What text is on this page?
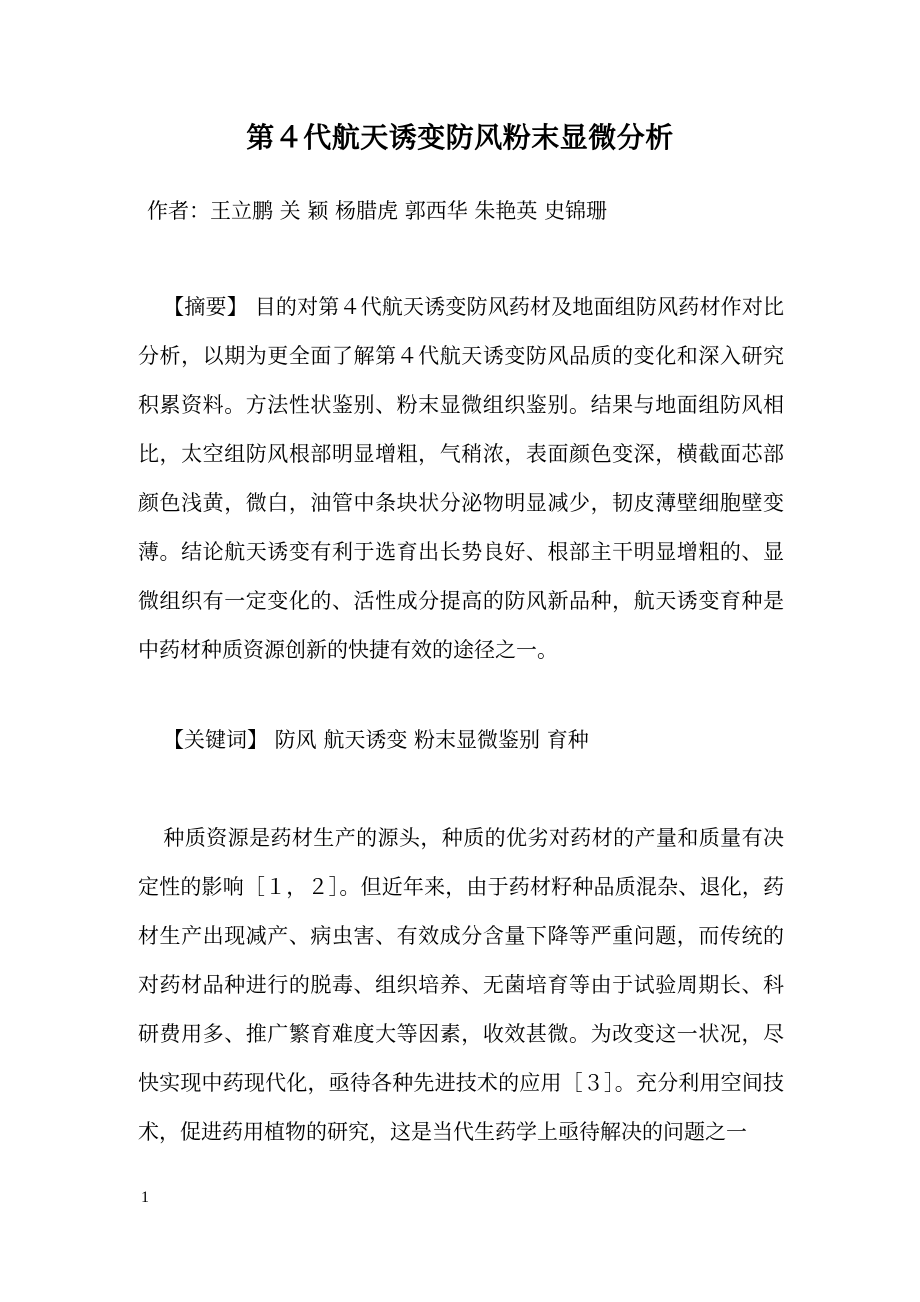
第４代航天诱变防风粉末显微分析
作者：王立鹏 关 颖 杨腊虎 郭西华 朱艳英 史锦珊

【摘要】 目的对第４代航天诱变防风药材及地面组防风药材作对比分析，以期为更全面了解第４代航天诱变防风品质的变化和深入研究积累资料。方法性状鉴别、粉末显微组织鉴别。结果与地面组防风相比，太空组防风根部明显增粗，气稍浓，表面颜色变深，横截面芯部颜色浅黄，微白，油管中条块状分泌物明显减少，韧皮薄壁细胞壁变薄。结论航天诱变有利于选育出长势良好、根部主干明显增粗的、显微组织有一定变化的、活性成分提高的防风新品种，航天诱变育种是中药材种质资源创新的快捷有效的途径之一。

【关键词】 防风 航天诱变 粉末显微鉴别 育种

种质资源是药材生产的源头，种质的优劣对药材的产量和质量有决定性的影响［１，２］。但近年来，由于药材籽种品质混杂、退化，药材生产出现减产、病虫害、有效成分含量下降等严重问题，而传统的对药材品种进行的脱毒、组织培养、无菌培育等由于试验周期长、科研费用多、推广繁育难度大等因素，收效甚微。为改变这一状况，尽快实现中药现代化，亟待各种先进技术的应用［３］。充分利用空间技术，促进药用植物的研究，这是当代生药学上亟待解决的问题之一

1
